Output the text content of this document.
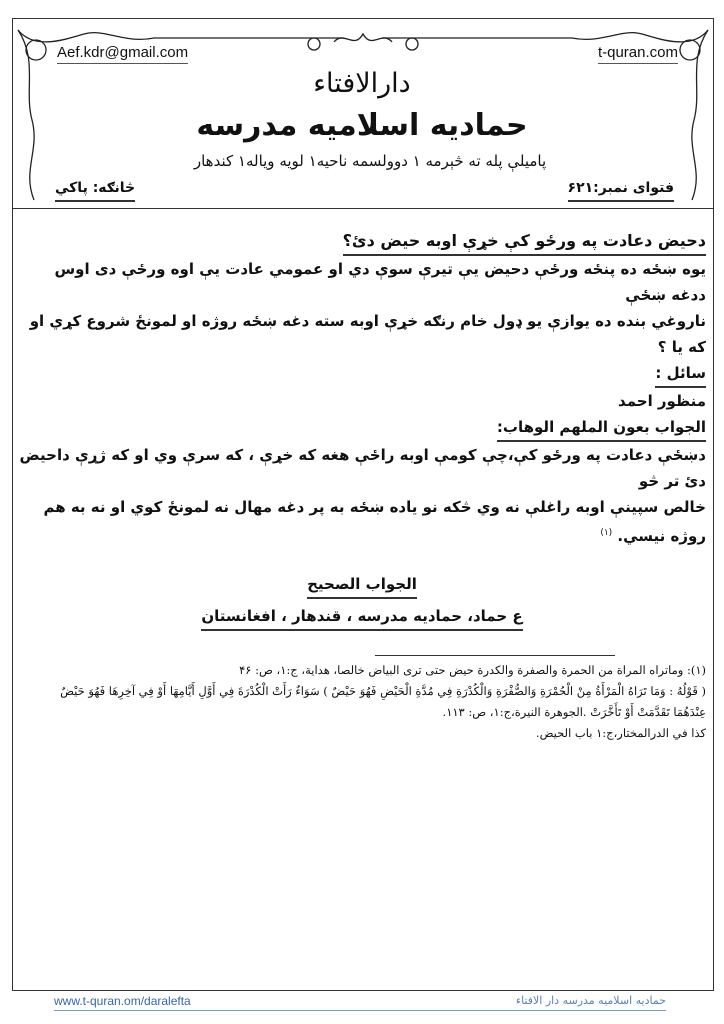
Aef.kdr@gmail.com	t-quran.com
دارالافتاء
حمادیه اسلامیه مدرسه
پامیلې پله ته څېرمه ۱ دوولسمه ناحیه۱ لویه ویاله۱ کندهار
فتوای نمبر:۶۲۱
څانګه: پاکي
دحیض دعادت په ورځو کې خړې اوبه حیض دئ؟
یوه ښځه ده پنځه ورځې دحیض یې تیرې سوې دي او عمومي عادت یې اوه ورځې دی اوس ددغه ښځې
ناروغي بنده ده یوازې یو ډول خام رنګه خړې اوبه سته دغه ښځه روژه او لمونځ شروع کړي او که یا ؟
سائل :
منظور احمد
الجواب بعون الملهم الوهاب:
دښځې دعادت په ورځو کې،چې کومې اوبه راځې هغه که خړې ، که سرې وي او که ژړې داحیض دئ تر څو
خالص سپینې اوبه راغلې نه وي څکه نو یاده ښځه به پر دغه مهال نه لمونځ کوي او نه به هم روژه نیسي. $^{(۱)}$
الجواب الصحیح
ع حماد، حمادیه مدرسه ، قندهار ، افغانستان
(۱): وماتراه المراة من الحمرة والصفرة والكدرة حيض حتى ترى البياض خالصا، هداية، ج:١، ص: ۴۶
( قَوْلُهُ : وَمَا تَرَاهُ الْمَرْأَةُ مِنْ الْحُمْرَةِ وَالصُّفْرَةِ وَالْكُدْرَةِ فِي مُدَّةِ الْحَيْضِ فَهُوَ حَيْضٌ ) سَوَاءٌ رَأَتْ الْكُدْرَةَ فِي أَوَّلِ أَيَّامِهَا أَوْ فِي آخِرِهَا فَهُوَ حَيْضٌ
عِنْدَهُمَا تَقَدَّمَتْ أَوْ تَأَخَّرَتْ .الجوهرة النيرة،ج:١، ص: ١١٣.
كذا في الدرالمختار،ج:١ باب الحيض.
www.t-quran.om/daralefta	حمادیه اسلامیه مدرسه دار الافتاء
